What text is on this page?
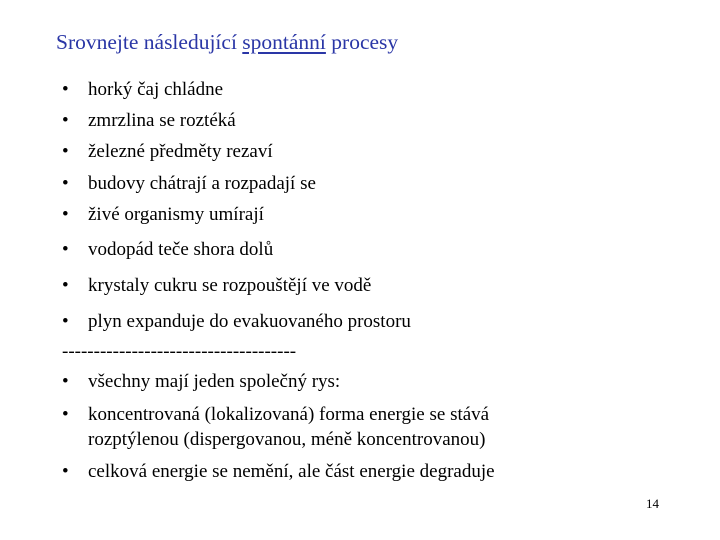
Srovnejte následující spontánní procesy
• horký čaj chládne
• zmrzlina se roztéká
• železné předměty rezaví
• budovy chátrají a rozpadají se
• živé organismy umírají
• vodopád teče shora dolů
• krystaly cukru se rozpouštějí ve vodě
• plyn expanduje do evakuovaného prostoru
-------------------------------------
• všechny mají jeden společný rys:
• koncentrovaná (lokalizovaná) forma energie se stává
rozptýlenou (dispergovanou, méně koncentrovanou)
• celková energie se nemění, ale část energie degraduje
14
